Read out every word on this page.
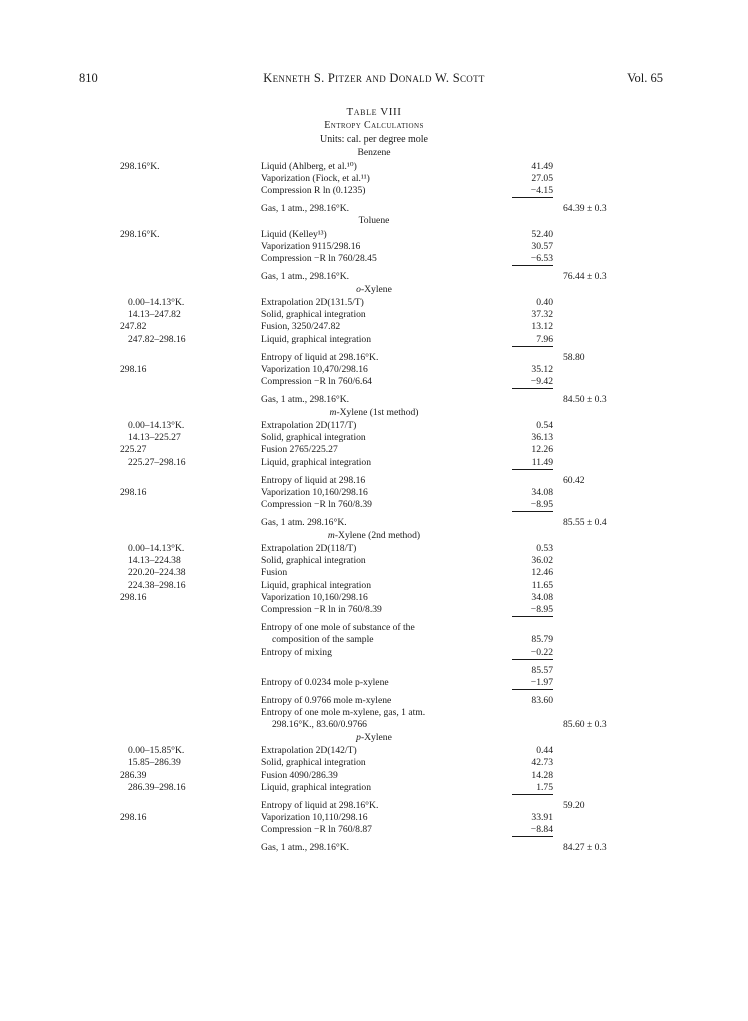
810	Kenneth S. Pitzer and Donald W. Scott	Vol. 65
Table VIII
Entropy Calculations
Units: cal. per degree mole
Benzene
298.16°K.	Liquid (Ahlberg, et al.¹⁰)	41.49
Vaporization (Fiock, et al.¹¹)	27.05
Compression R ln (0.1235)	−4.15
Gas, 1 atm., 298.16°K.	64.39 ± 0.3
Toluene
298.16°K.	Liquid (Kelley¹³)	52.40
Vaporization 9115/298.16	30.57
Compression −R ln 760/28.45	−6.53
Gas, 1 atm., 298.16°K.	76.44 ± 0.3
o-Xylene
0.00–14.13°K.	Extrapolation 2D(131.5/T)	0.40
14.13–247.82	Solid, graphical integration	37.32
247.82	Fusion, 3250/247.82	13.12
247.82–298.16	Liquid, graphical integration	7.96
Entropy of liquid at 298.16°K.	58.80
298.16	Vaporization 10,470/298.16	35.12
Compression −R ln 760/6.64	−9.42
Gas, 1 atm., 298.16°K.	84.50 ± 0.3
m-Xylene (1st method)
0.00–14.13°K.	Extrapolation 2D(117/T)	0.54
14.13–225.27	Solid, graphical integration	36.13
225.27	Fusion 2765/225.27	12.26
225.27–298.16	Liquid, graphical integration	11.49
Entropy of liquid at 298.16	60.42
298.16	Vaporization 10,160/298.16	34.08
Compression −R ln 760/8.39	−8.95
Gas, 1 atm. 298.16°K.	85.55 ± 0.4
m-Xylene (2nd method)
0.00–14.13°K.	Extrapolation 2D(118/T)	0.53
14.13–224.38	Solid, graphical integration	36.02
220.20–224.38	Fusion	12.46
224.38–298.16	Liquid, graphical integration	11.65
298.16	Vaporization 10,160/298.16	34.08
Compression −R ln in 760/8.39	−8.95
Entropy of one mole of substance of the
composition of the sample	85.79
Entropy of mixing	−0.22
85.57
Entropy of 0.0234 mole p-xylene	−1.97
Entropy of 0.9766 mole m-xylene	83.60
Entropy of one mole m-xylene, gas, 1 atm.
298.16°K., 83.60/0.9766	85.60 ± 0.3
p-Xylene
0.00–15.85°K.	Extrapolation 2D(142/T)	0.44
15.85–286.39	Solid, graphical integration	42.73
286.39	Fusion 4090/286.39	14.28
286.39–298.16	Liquid, graphical integration	1.75
Entropy of liquid at 298.16°K.	59.20
298.16	Vaporization 10,110/298.16	33.91
Compression −R ln 760/8.87	−8.84
Gas, 1 atm., 298.16°K.	84.27 ± 0.3
